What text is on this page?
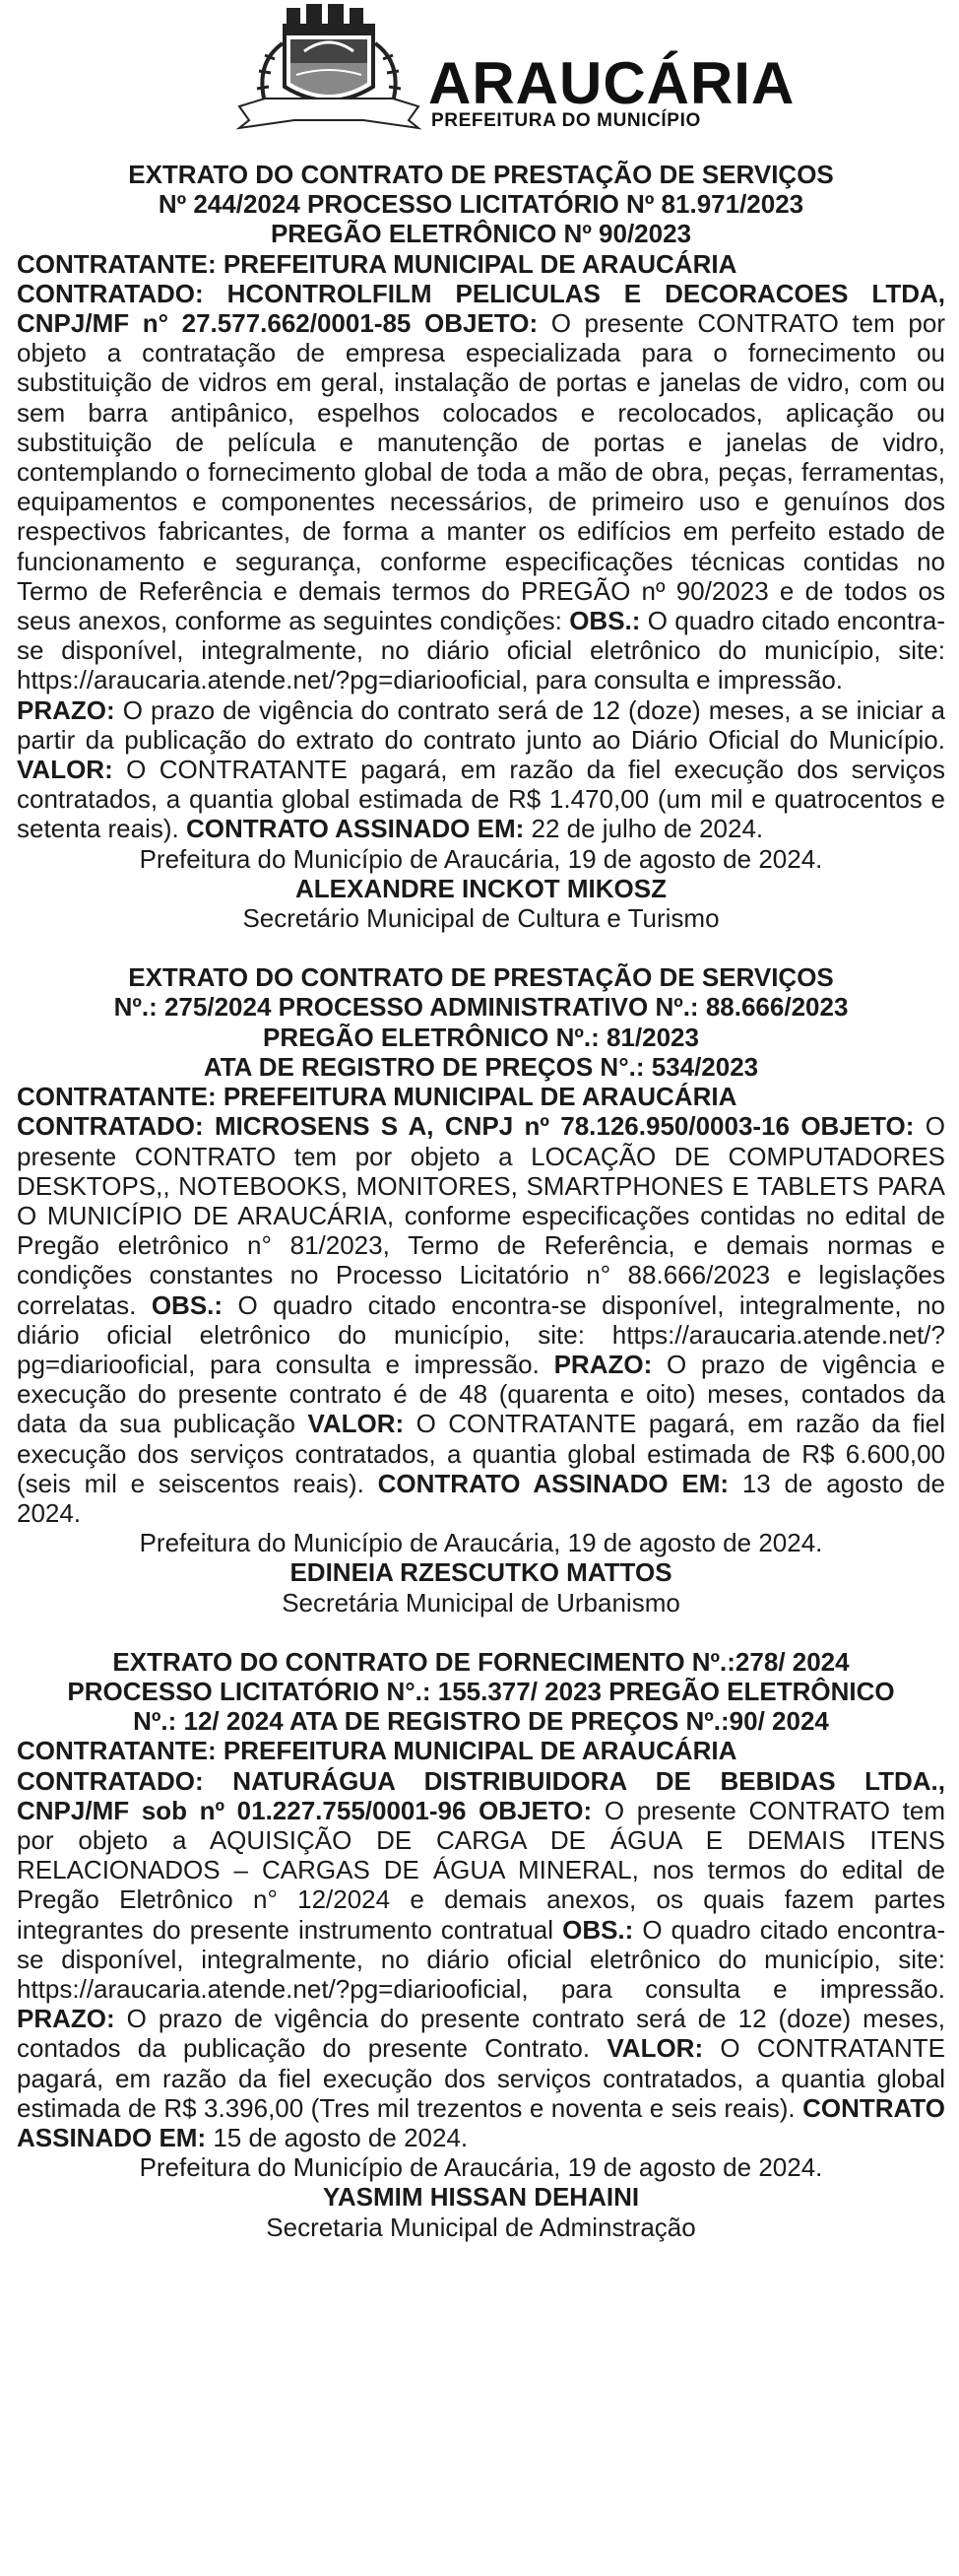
ARAUCÁRIA
PREFEITURA DO MUNICÍPIO
EXTRATO DO CONTRATO DE PRESTAÇÃO DE SERVIÇOS
Nº 244/2024 PROCESSO LICITATÓRIO Nº 81.971/2023
PREGÃO ELETRÔNICO Nº 90/2023

CONTRATANTE: PREFEITURA MUNICIPAL DE ARAUCÁRIA
CONTRATADO: HCONTROLFILM PELICULAS E DECORACOES LTDA, CNPJ/MF n° 27.577.662/0001-85 OBJETO: O presente CONTRATO tem por objeto a contratação de empresa especializada para o fornecimento ou substituição de vidros em geral, instalação de portas e janelas de vidro, com ou sem barra antipânico, espelhos colocados e recolocados, aplicação ou substituição de película e manutenção de portas e janelas de vidro, contemplando o fornecimento global de toda a mão de obra, peças, ferramentas, equipamentos e componentes necessários, de primeiro uso e genuínos dos respectivos fabricantes, de forma a manter os edifícios em perfeito estado de funcionamento e segurança, conforme especificações técnicas contidas no Termo de Referência e demais termos do PREGÃO nº 90/2023 e de todos os seus anexos, conforme as seguintes condições: OBS.: O quadro citado encontra-se disponível, integralmente, no diário oficial eletrônico do município, site: https://araucaria.atende.net/?pg=diariooficial, para consulta e impressão.
PRAZO: O prazo de vigência do contrato será de 12 (doze) meses, a se iniciar a partir da publicação do extrato do contrato junto ao Diário Oficial do Município. VALOR: O CONTRATANTE pagará, em razão da fiel execução dos serviços contratados, a quantia global estimada de R$ 1.470,00 (um mil e quatrocentos e setenta reais). CONTRATO ASSINADO EM: 22 de julho de 2024.

Prefeitura do Município de Araucária, 19 de agosto de 2024.
ALEXANDRE INCKOT MIKOSZ
Secretário Municipal de Cultura e Turismo
EXTRATO DO CONTRATO DE PRESTAÇÃO DE SERVIÇOS
Nº.: 275/2024 PROCESSO ADMINISTRATIVO Nº.: 88.666/2023
PREGÃO ELETRÔNICO Nº.: 81/2023
ATA DE REGISTRO DE PREÇOS N°.: 534/2023

CONTRATANTE: PREFEITURA MUNICIPAL DE ARAUCÁRIA
CONTRATADO: MICROSENS S A, CNPJ nº 78.126.950/0003-16 OBJETO: O presente CONTRATO tem por objeto a LOCAÇÃO DE COMPUTADORES DESKTOPS,, NOTEBOOKS, MONITORES, SMARTPHONES E TABLETS PARA O MUNICÍPIO DE ARAUCÁRIA, conforme especificações contidas no edital de Pregão eletrônico n° 81/2023, Termo de Referência, e demais normas e condições constantes no Processo Licitatório n° 88.666/2023 e legislações correlatas. OBS.: O quadro citado encontra-se disponível, integralmente, no diário oficial eletrônico do município, site: https://araucaria.atende.net/?pg=diariooficial, para consulta e impressão. PRAZO: O prazo de vigência e execução do presente contrato é de 48 (quarenta e oito) meses, contados da data da sua publicação VALOR: O CONTRATANTE pagará, em razão da fiel execução dos serviços contratados, a quantia global estimada de R$ 6.600,00 (seis mil e seiscentos reais). CONTRATO ASSINADO EM: 13 de agosto de 2024.

Prefeitura do Município de Araucária, 19 de agosto de 2024.
EDINEIA RZESCUTKO MATTOS
Secretária Municipal de Urbanismo
EXTRATO DO CONTRATO DE FORNECIMENTO Nº.:278/ 2024
PROCESSO LICITATÓRIO N°.: 155.377/ 2023 PREGÃO ELETRÔNICO
Nº.: 12/ 2024 ATA DE REGISTRO DE PREÇOS Nº.:90/ 2024

CONTRATANTE: PREFEITURA MUNICIPAL DE ARAUCÁRIA
CONTRATADO: NATURÁGUA DISTRIBUIDORA DE BEBIDAS LTDA., CNPJ/MF sob nº 01.227.755/0001-96 OBJETO: O presente CONTRATO tem por objeto a AQUISIÇÃO DE CARGA DE ÁGUA E DEMAIS ITENS RELACIONADOS – CARGAS DE ÁGUA MINERAL, nos termos do edital de Pregão Eletrônico n° 12/2024 e demais anexos, os quais fazem partes integrantes do presente instrumento contratual OBS.: O quadro citado encontra-se disponível, integralmente, no diário oficial eletrônico do município, site: https://araucaria.atende.net/?pg=diariooficial, para consulta e impressão. PRAZO: O prazo de vigência do presente contrato será de 12 (doze) meses, contados da publicação do presente Contrato. VALOR: O CONTRATANTE pagará, em razão da fiel execução dos serviços contratados, a quantia global estimada de R$ 3.396,00 (Tres mil trezentos e noventa e seis reais). CONTRATO ASSINADO EM: 15 de agosto de 2024.

Prefeitura do Município de Araucária, 19 de agosto de 2024.
YASMIM HISSAN DEHAINI
Secretaria Municipal de Adminstração
